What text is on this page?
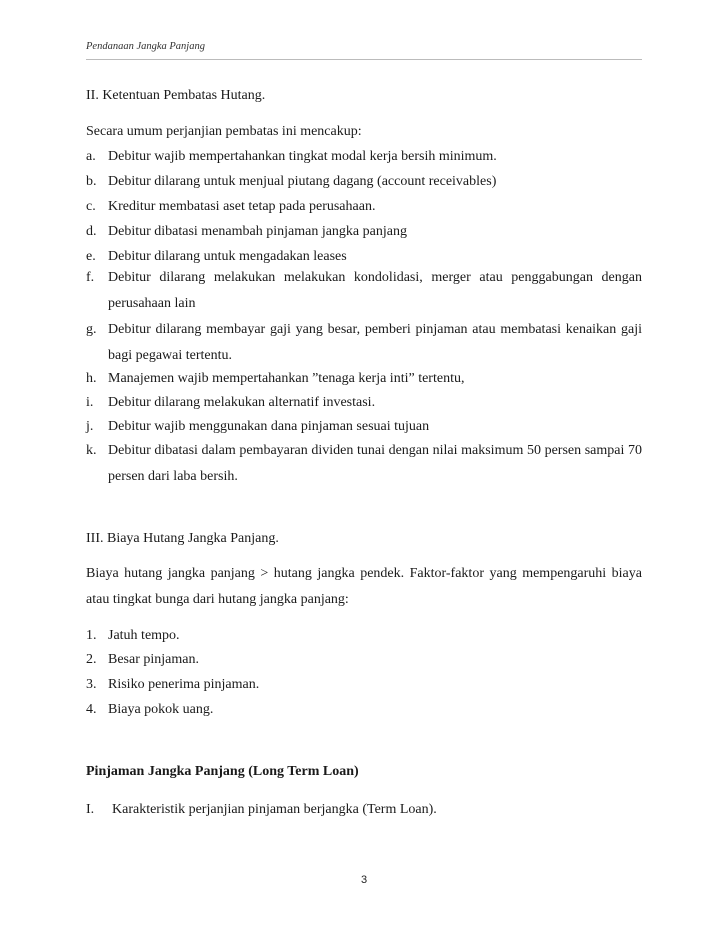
Pendanaan Jangka Panjang
II. Ketentuan Pembatas Hutang.
Secara umum perjanjian pembatas ini mencakup:
a. Debitur wajib mempertahankan tingkat modal kerja bersih minimum.
b. Debitur dilarang untuk menjual piutang dagang (account receivables)
c. Kreditur membatasi aset tetap pada perusahaan.
d. Debitur dibatasi menambah pinjaman jangka panjang
e. Debitur dilarang untuk mengadakan leases
f. Debitur dilarang melakukan melakukan kondolidasi, merger atau penggabungan dengan perusahaan lain
g. Debitur dilarang membayar gaji yang besar, pemberi pinjaman atau membatasi kenaikan gaji bagi pegawai tertentu.
h. Manajemen wajib mempertahankan ”tenaga kerja inti” tertentu,
i. Debitur dilarang melakukan alternatif investasi.
j. Debitur wajib menggunakan dana pinjaman sesuai tujuan
k. Debitur dibatasi dalam pembayaran dividen tunai dengan nilai maksimum 50 persen sampai 70 persen dari laba bersih.
III. Biaya Hutang Jangka Panjang.
Biaya hutang jangka panjang > hutang jangka pendek. Faktor-faktor yang mempengaruhi biaya atau tingkat bunga dari hutang jangka panjang:
1. Jatuh tempo.
2. Besar pinjaman.
3. Risiko penerima pinjaman.
4. Biaya pokok uang.
Pinjaman Jangka Panjang (Long Term Loan)
I. Karakteristik perjanjian pinjaman berjangka (Term Loan).
3
